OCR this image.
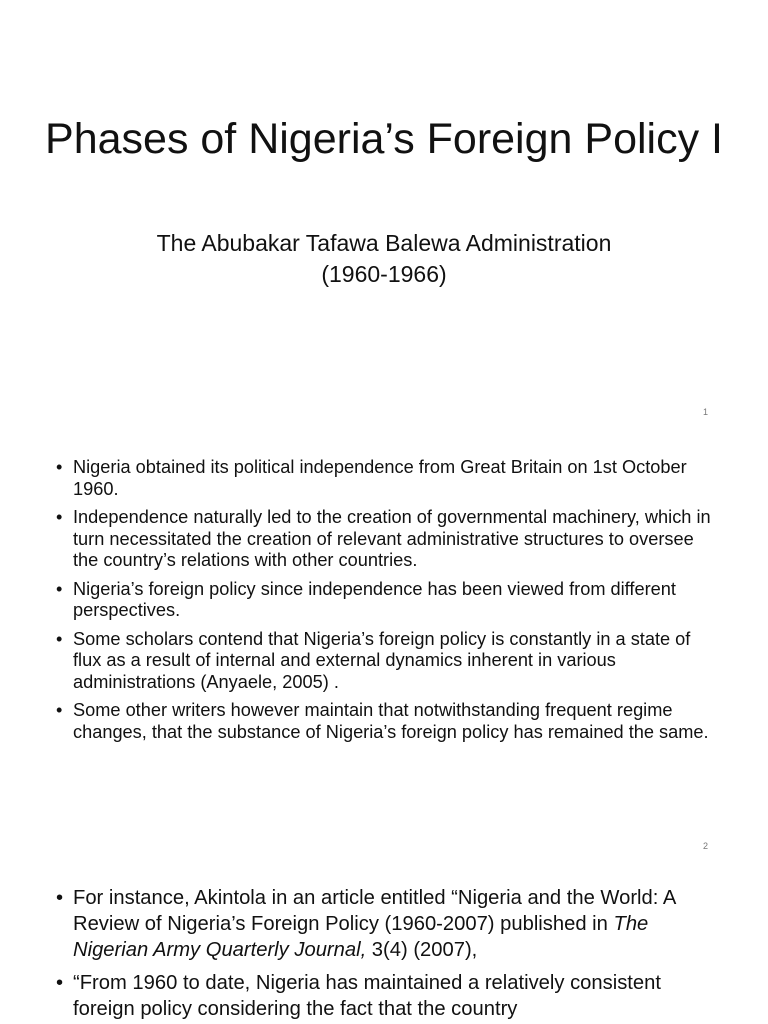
Phases of Nigeria’s Foreign Policy I
The Abubakar Tafawa Balewa Administration
(1960-1966)
1
• Nigeria obtained its political independence from Great Britain on 1st October 1960.
• Independence naturally led to the creation of governmental machinery, which in turn necessitated the creation of relevant administrative structures to oversee the country’s relations with other countries.
• Nigeria’s foreign policy since independence has been viewed from different perspectives.
• Some scholars contend that Nigeria’s foreign policy is constantly in a state of flux as a result of internal and external dynamics inherent in various administrations (Anyaele, 2005) .
• Some other writers however maintain that notwithstanding frequent regime changes, that the substance of Nigeria’s foreign policy has remained the same.
2
• For instance, Akintola in an article entitled “Nigeria and the World: A Review of Nigeria’s Foreign Policy (1960-2007) published in The Nigerian Army Quarterly Journal, 3(4) (2007),
• “From 1960 to date, Nigeria has maintained a relatively consistent foreign policy considering the fact that the country
